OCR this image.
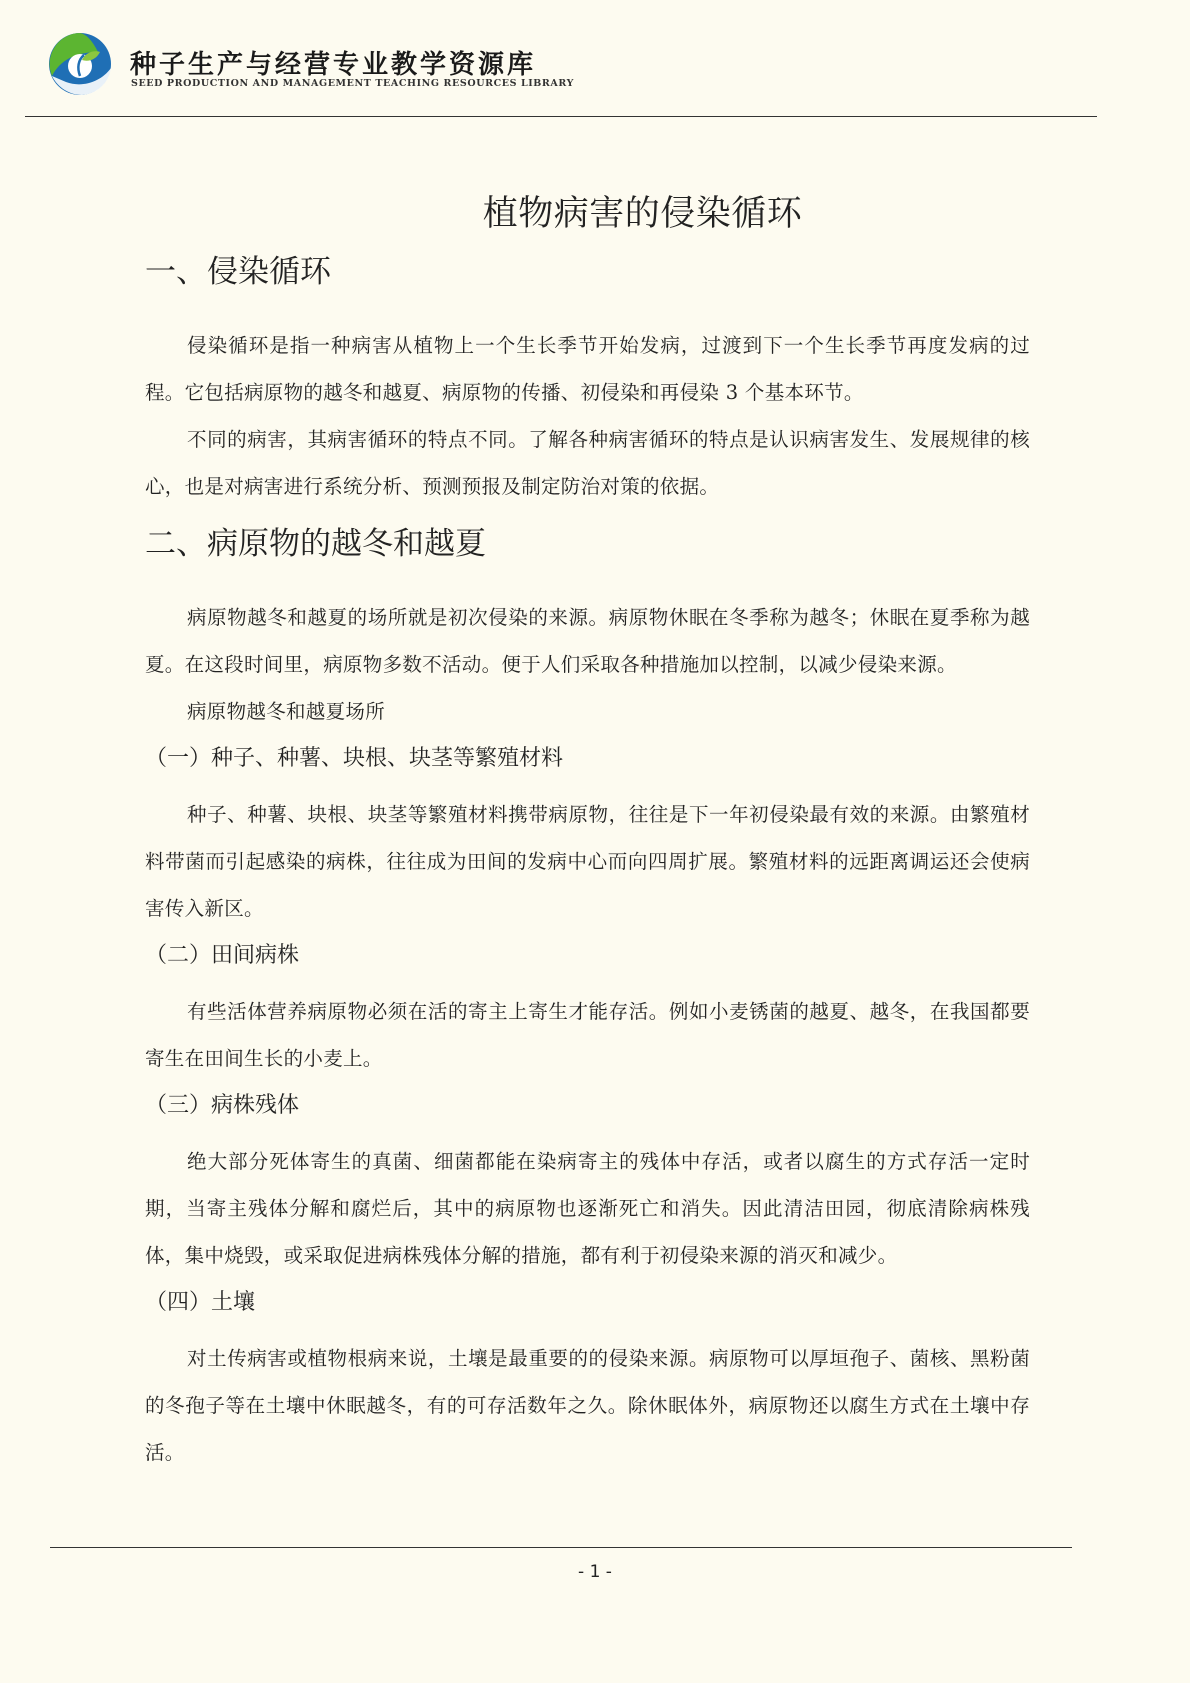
种子生产与经营专业教学资源库
SEED PRODUCTION AND MANAGEMENT TEACHING RESOURCES LIBRARY
植物病害的侵染循环
一、侵染循环

侵染循环是指一种病害从植物上一个生长季节开始发病，过渡到下一个生长季节再度发病的过程。它包括病原物的越冬和越夏、病原物的传播、初侵染和再侵染 3 个基本环节。

不同的病害，其病害循环的特点不同。了解各种病害循环的特点是认识病害发生、发展规律的核心，也是对病害进行系统分析、预测预报及制定防治对策的依据。

二、病原物的越冬和越夏

病原物越冬和越夏的场所就是初次侵染的来源。病原物休眠在冬季称为越冬；休眠在夏季称为越夏。在这段时间里，病原物多数不活动。便于人们采取各种措施加以控制，以减少侵染来源。

病原物越冬和越夏场所

（一）种子、种薯、块根、块茎等繁殖材料

种子、种薯、块根、块茎等繁殖材料携带病原物，往往是下一年初侵染最有效的来源。由繁殖材料带菌而引起感染的病株，往往成为田间的发病中心而向四周扩展。繁殖材料的远距离调运还会使病害传入新区。

（二）田间病株

有些活体营养病原物必须在活的寄主上寄生才能存活。例如小麦锈菌的越夏、越冬，在我国都要寄生在田间生长的小麦上。

（三）病株残体

绝大部分死体寄生的真菌、细菌都能在染病寄主的残体中存活，或者以腐生的方式存活一定时期，当寄主残体分解和腐烂后，其中的病原物也逐渐死亡和消失。因此清洁田园，彻底清除病株残体，集中烧毁，或采取促进病株残体分解的措施，都有利于初侵染来源的消灭和减少。

（四）土壤

对土传病害或植物根病来说，土壤是最重要的的侵染来源。病原物可以厚垣孢子、菌核、黑粉菌的冬孢子等在土壤中休眠越冬，有的可存活数年之久。除休眠体外，病原物还以腐生方式在土壤中存活。

- 1 -
